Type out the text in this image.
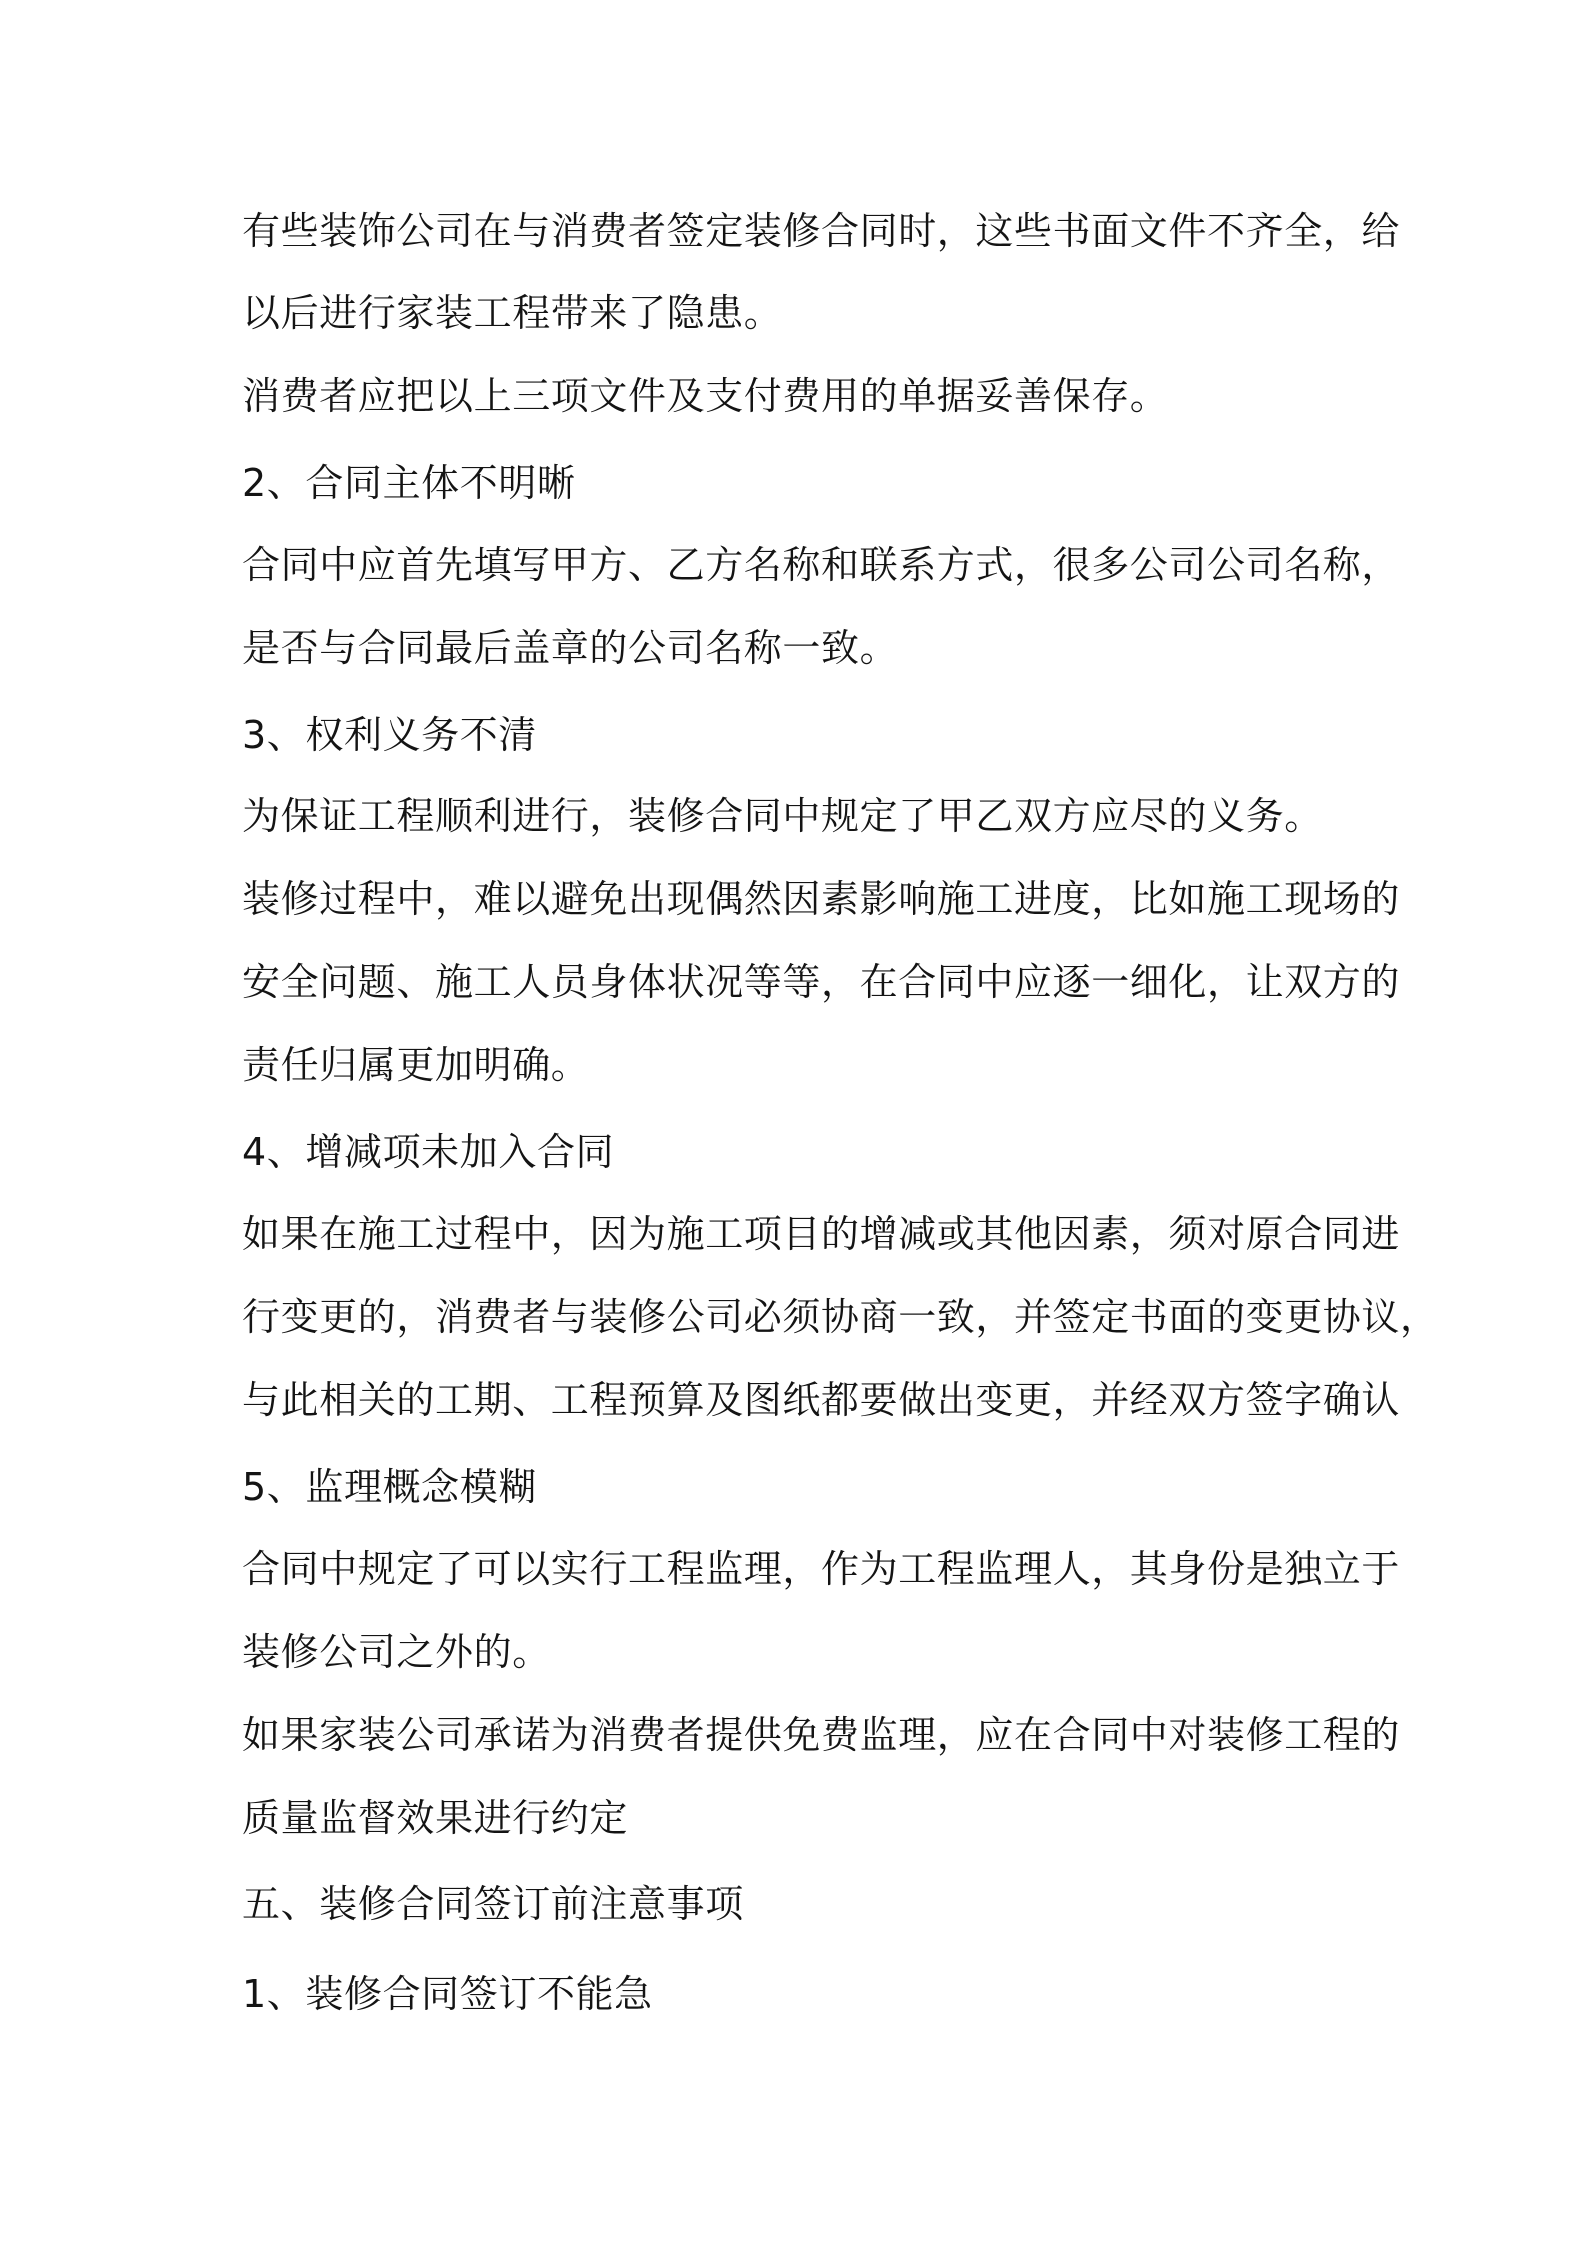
有些装饰公司在与消费者签定装修合同时，这些书面文件不齐全，给
以后进行家装工程带来了隐患。
消费者应把以上三项文件及支付费用的单据妥善保存。
2、合同主体不明晰
合同中应首先填写甲方、乙方名称和联系方式，很多公司公司名称，
是否与合同最后盖章的公司名称一致。
3、权利义务不清
为保证工程顺利进行，装修合同中规定了甲乙双方应尽的义务。
装修过程中，难以避免出现偶然因素影响施工进度，比如施工现场的
安全问题、施工人员身体状况等等，在合同中应逐一细化，让双方的
责任归属更加明确。
4、增减项未加入合同
如果在施工过程中，因为施工项目的增减或其他因素，须对原合同进
行变更的，消费者与装修公司必须协商一致，并签定书面的变更协议，
与此相关的工期、工程预算及图纸都要做出变更，并经双方签字确认
5、监理概念模糊
合同中规定了可以实行工程监理，作为工程监理人，其身份是独立于
装修公司之外的。
如果家装公司承诺为消费者提供免费监理，应在合同中对装修工程的
质量监督效果进行约定
五、装修合同签订前注意事项
1、装修合同签订不能急
